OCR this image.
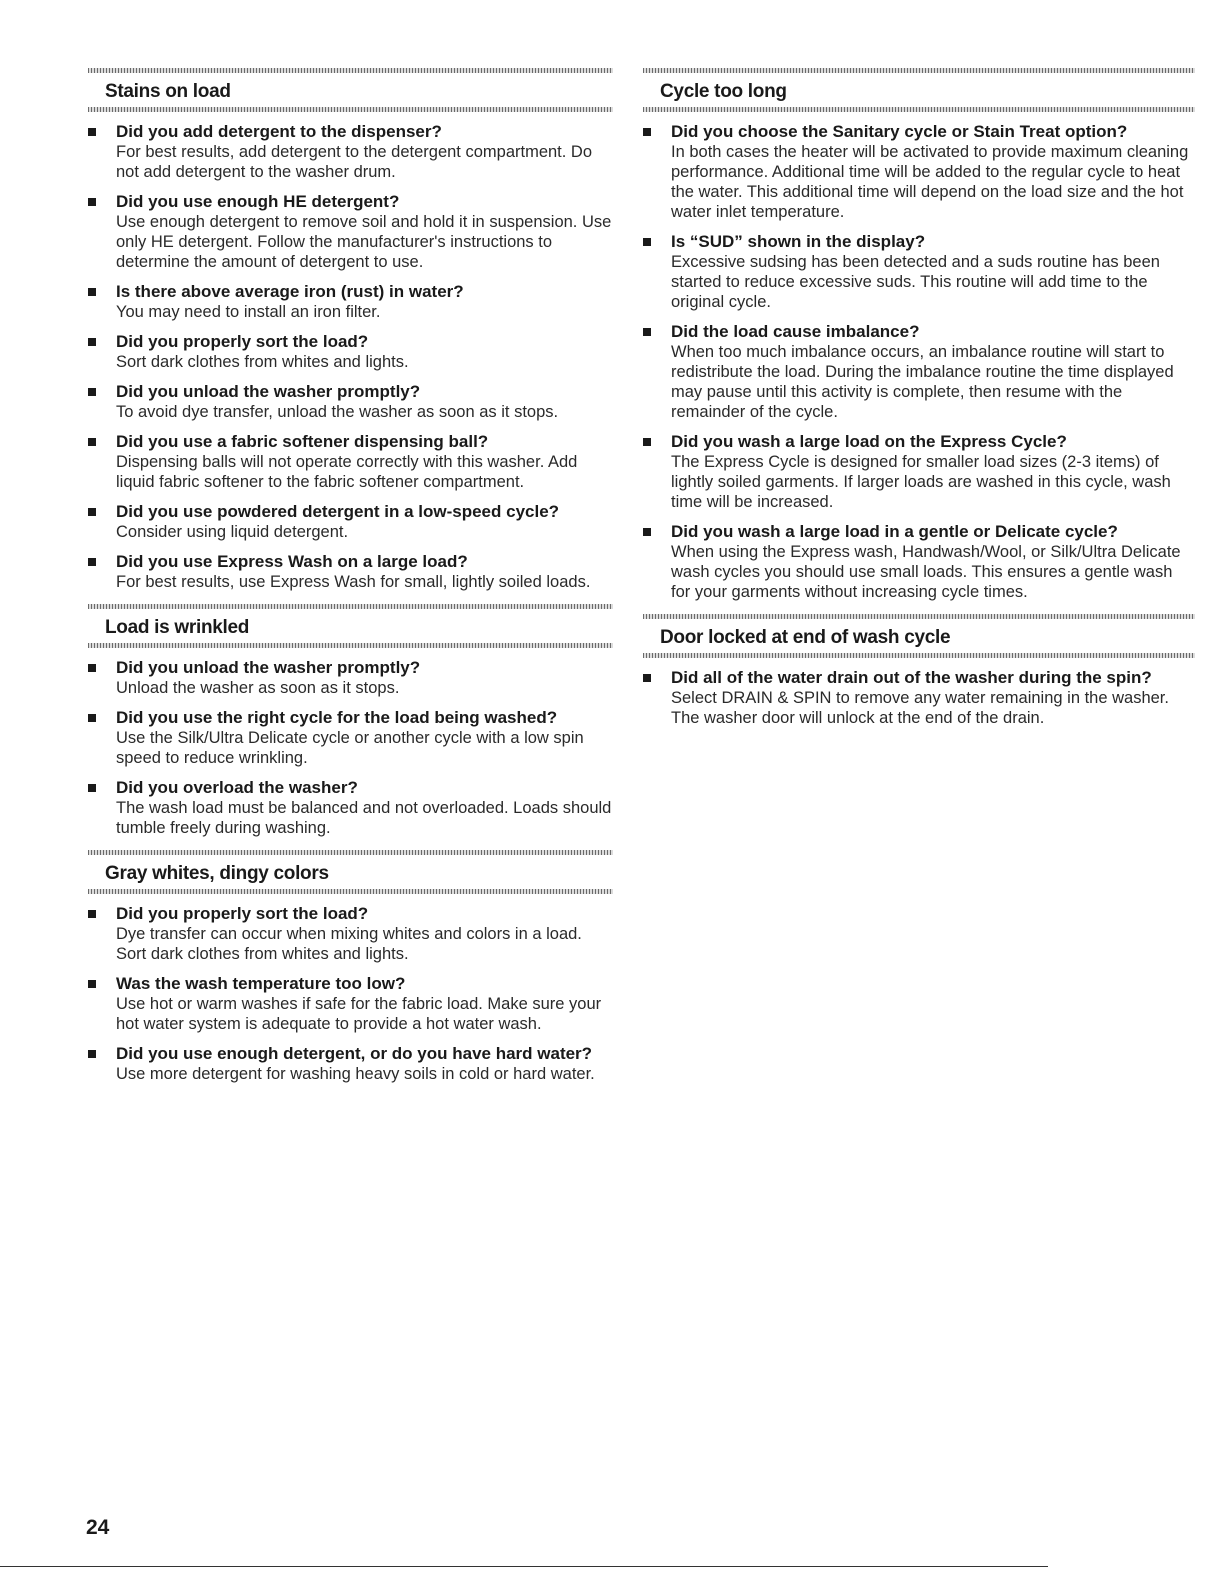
Stains on load
Did you add detergent to the dispenser?
For best results, add detergent to the detergent compartment. Do not add detergent to the washer drum.
Did you use enough HE detergent?
Use enough detergent to remove soil and hold it in suspension. Use only HE detergent. Follow the manufacturer's instructions to determine the amount of detergent to use.
Is there above average iron (rust) in water?
You may need to install an iron filter.
Did you properly sort the load?
Sort dark clothes from whites and lights.
Did you unload the washer promptly?
To avoid dye transfer, unload the washer as soon as it stops.
Did you use a fabric softener dispensing ball?
Dispensing balls will not operate correctly with this washer. Add liquid fabric softener to the fabric softener compartment.
Did you use powdered detergent in a low-speed cycle?
Consider using liquid detergent.
Did you use Express Wash on a large load?
For best results, use Express Wash for small, lightly soiled loads.
Load is wrinkled
Did you unload the washer promptly?
Unload the washer as soon as it stops.
Did you use the right cycle for the load being washed?
Use the Silk/Ultra Delicate cycle or another cycle with a low spin speed to reduce wrinkling.
Did you overload the washer?
The wash load must be balanced and not overloaded. Loads should tumble freely during washing.
Gray whites, dingy colors
Did you properly sort the load?
Dye transfer can occur when mixing whites and colors in a load. Sort dark clothes from whites and lights.
Was the wash temperature too low?
Use hot or warm washes if safe for the fabric load. Make sure your hot water system is adequate to provide a hot water wash.
Did you use enough detergent, or do you have hard water?
Use more detergent for washing heavy soils in cold or hard water.
Cycle too long
Did you choose the Sanitary cycle or Stain Treat option?
In both cases the heater will be activated to provide maximum cleaning performance. Additional time will be added to the regular cycle to heat the water. This additional time will depend on the load size and the hot water inlet temperature.
Is “SUD” shown in the display?
Excessive sudsing has been detected and a suds routine has been started to reduce excessive suds. This routine will add time to the original cycle.
Did the load cause imbalance?
When too much imbalance occurs, an imbalance routine will start to redistribute the load. During the imbalance routine the time displayed may pause until this activity is complete, then resume with the remainder of the cycle.
Did you wash a large load on the Express Cycle?
The Express Cycle is designed for smaller load sizes (2-3 items) of lightly soiled garments. If larger loads are washed in this cycle, wash time will be increased.
Did you wash a large load in a gentle or Delicate cycle?
When using the Express wash, Handwash/Wool, or Silk/Ultra Delicate wash cycles you should use small loads. This ensures a gentle wash for your garments without increasing cycle times.
Door locked at end of wash cycle
Did all of the water drain out of the washer during the spin?
Select DRAIN & SPIN to remove any water remaining in the washer. The washer door will unlock at the end of the drain.
24
